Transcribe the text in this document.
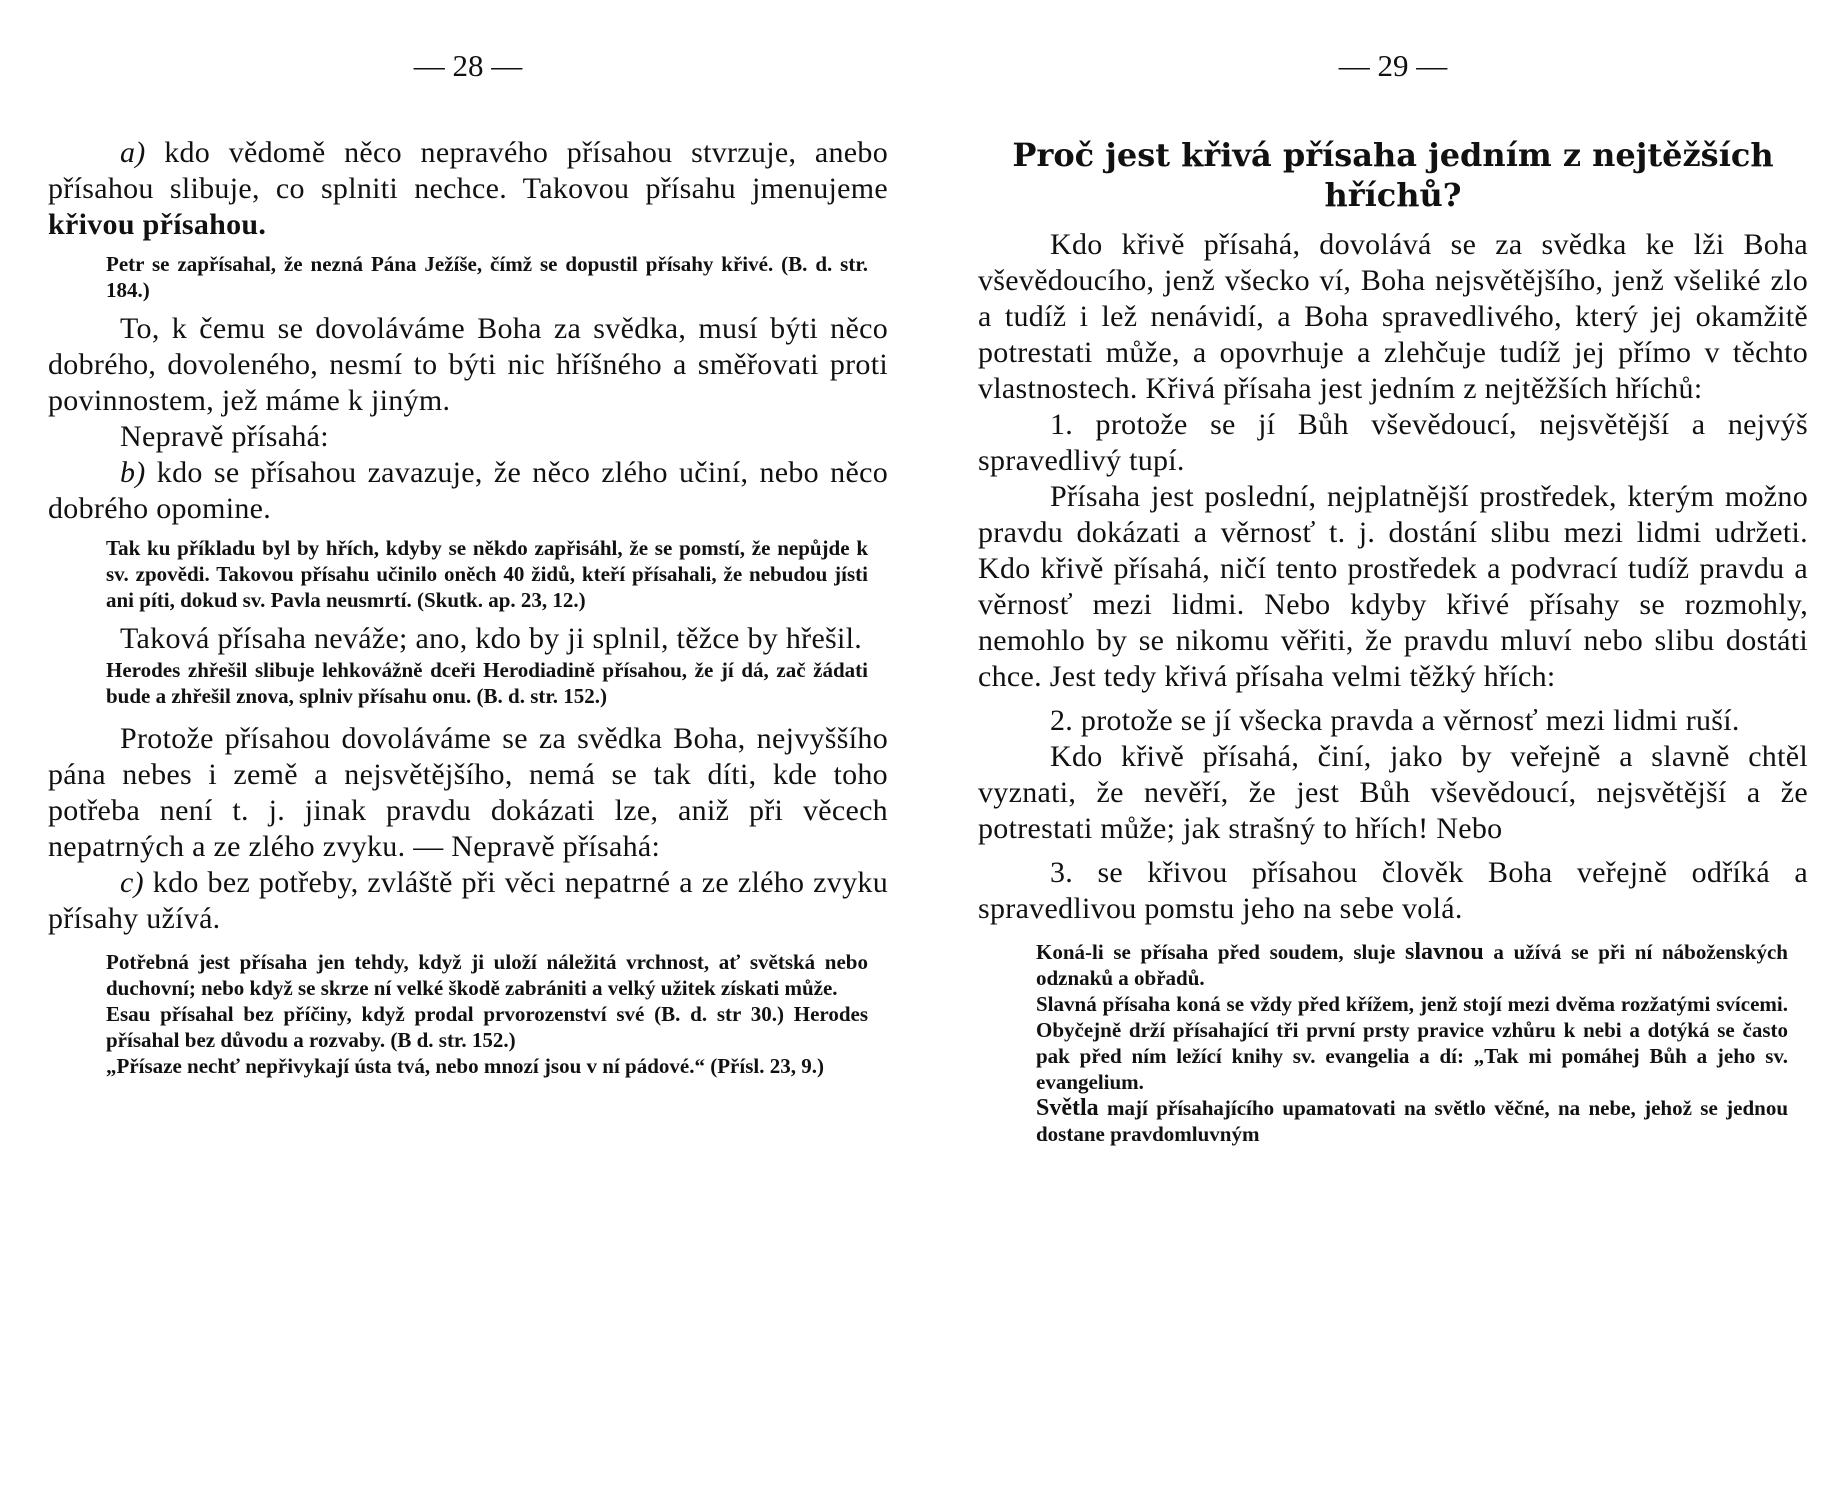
— 28 —

a) kdo vědomě něco nepravého přísahou stvrzuje, anebo přísahou slibuje, co splniti nechce. Takovou přísahu jmenujeme křivou přísahou.

Petr se zapřísahal, že nezná Pána Ježíše, čímž se dopustil přísahy křivé. (B. d. str. 184.)

To, k čemu se dovoláváme Boha za svědka, musí býti něco dobrého, dovoleného, nesmí to býti nic hříšného a směřovati proti povinnostem, jež máme k jiným.

Nepravě přísahá:

b) kdo se přísahou zavazuje, že něco zlého učiní, nebo něco dobrého opomine.

Tak ku příkladu byl by hřích, kdyby se někdo zapřisáhl, že se pomstí, že nepůjde k sv. zpovědi. Takovou přísahu učinilo oněch 40 židů, kteří přísahali, že nebudou jísti ani píti, dokud sv. Pavla neusmrtí. (Skutk. ap. 23, 12.)

Taková přísaha neváže; ano, kdo by ji splnil, těžce by hřešil.

Herodes zhřešil slibuje lehkovážně dceři Herodiadině přísahou, že jí dá, zač žádati bude a zhřešil znova, splniv přísahu onu. (B. d. str. 152.)

Protože přísahou dovoláváme se za svědka Boha, nejvyššího pána nebes i země a nejsvětějšího, nemá se tak díti, kde toho potřeba není t. j. jinak pravdu dokázati lze, aniž při věcech nepatrných a ze zlého zvyku. — Nepravě přísahá:

c) kdo bez potřeby, zvláště při věci nepatrné a ze zlého zvyku přísahy užívá.

Potřebná jest přísaha jen tehdy, když ji uloží náležitá vrchnost, ať světská nebo duchovní; nebo když se skrze ní velké škodě zabrániti a velký užitek získati může.

Esau přísahal bez příčiny, když prodal prvorozenství své (B. d. str 30.) Herodes přísahal bez důvodu a rozvaby. (B d. str. 152.)

„Přísaze nechť nepřivykají ústa tvá, nebo mnozí jsou v ní pádové.“ (Přísl. 23, 9.)

— 29 —

Proč jest křivá přísaha jedním z nejtěžších hříchů?

Kdo křivě přísahá, dovolává se za svědka ke lži Boha vševědoucího, jenž všecko ví, Boha nejsvětějšího, jenž všeliké zlo a tudíž i lež nenávidí, a Boha spravedlivého, který jej okamžitě potrestati může, a opovrhuje a zlehčuje tudíž jej přímo v těchto vlastnostech. Křivá přísaha jest jedním z nejtěžších hříchů:

1. protože se jí Bůh vševědoucí, nejsvětější a nejvýš spravedlivý tupí.

Přísaha jest poslední, nejplatnější prostředek, kterým možno pravdu dokázati a věrnosť t. j. dostání slibu mezi lidmi udržeti. Kdo křivě přísahá, ničí tento prostředek a podvrací tudíž pravdu a věrnosť mezi lidmi. Nebo kdyby křivé přísahy se rozmohly, nemohlo by se nikomu věřiti, že pravdu mluví nebo slibu dostáti chce. Jest tedy křivá přísaha velmi těžký hřích:

2. protože se jí všecka pravda a věrnosť mezi lidmi ruší.

Kdo křivě přísahá, činí, jako by veřejně a slavně chtěl vyznati, že nevěří, že jest Bůh vševědoucí, nejsvětější a že potrestati může; jak strašný to hřích! Nebo

3. se křivou přísahou člověk Boha veřejně odříká a spravedlivou pomstu jeho na sebe volá.

Koná-li se přísaha před soudem, sluje slavnou a užívá se při ní náboženských odznaků a obřadů.

Slavná přísaha koná se vždy před křížem, jenž stojí mezi dvěma rozžatými svícemi. Obyčejně drží přísahající tři první prsty pravice vzhůru k nebi a dotýká se často pak před ním ležící knihy sv. evangelia a dí: „Tak mi pomáhej Bůh a jeho sv. evangelium.

Světla mají přísahajícího upamatovati na světlo věčné, na nebe, jehož se jednou dostane pravdomluvným
